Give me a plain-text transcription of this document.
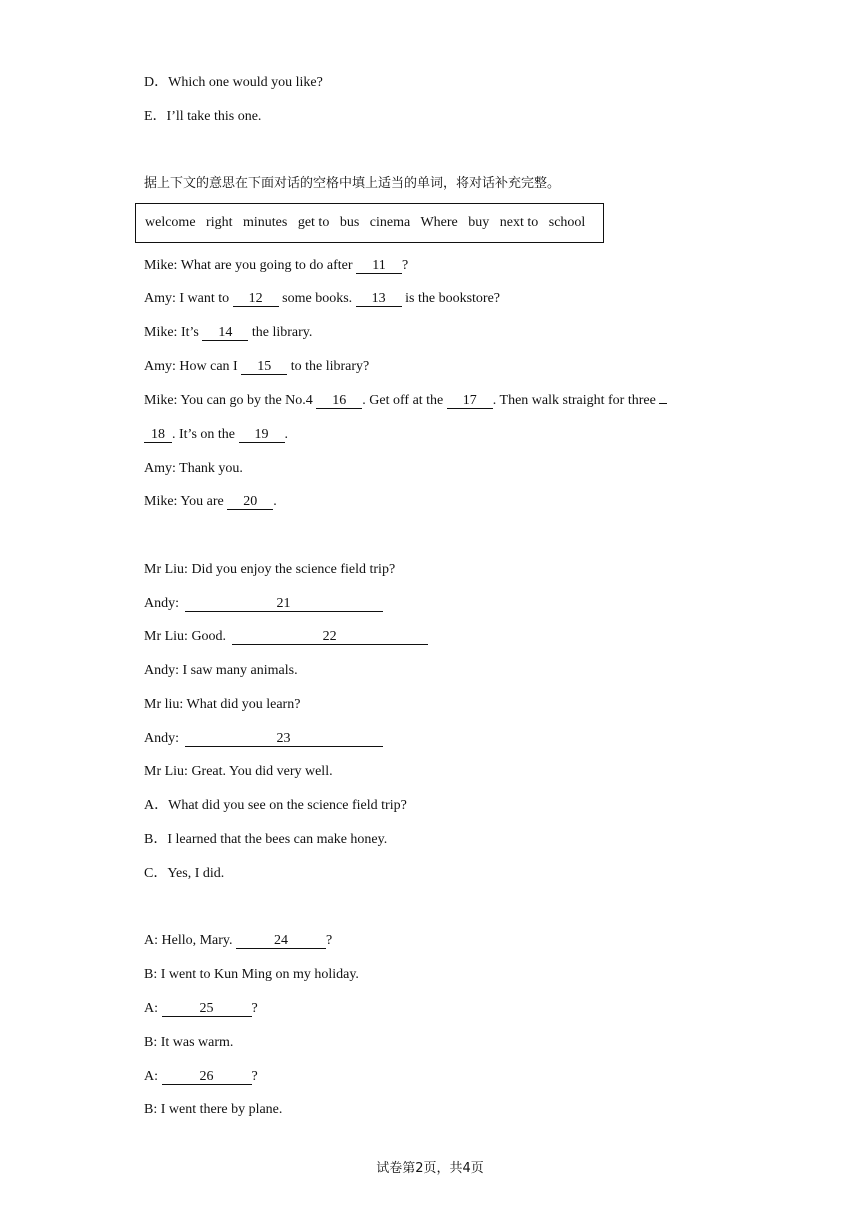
D．Which one would you like?
E．I’ll take this one.
据上下文的意思在下面对话的空格中填上适当的单词，将对话补充完整。
welcome right minutes get to bus cinema Where buy next to school
Mike: What are you going to do after 11 ?
Amy: I want to 12 some books. 13 is the bookstore?
Mike: It’s 14 the library.
Amy: How can I 15 to the library?
Mike: You can go by the No.4 16 . Get off at the 17 . Then walk straight for three
18 . It’s on the 19 .
Amy: Thank you.
Mike: You are 20 .
Mr Liu: Did you enjoy the science field trip?
Andy:	21
Mr Liu: Good.	22
Andy: I saw many animals.
Mr liu: What did you learn?
Andy:	23
Mr Liu: Great. You did very well.
A．What did you see on the science field trip?
B．I learned that the bees can make honey.
C．Yes, I did.
A: Hello, Mary.	24	?
B: I went to Kun Ming on my holiday.
A:	25	?
B: It was warm.
A:	26	?
B: I went there by plane.
试卷第2页，共4页
